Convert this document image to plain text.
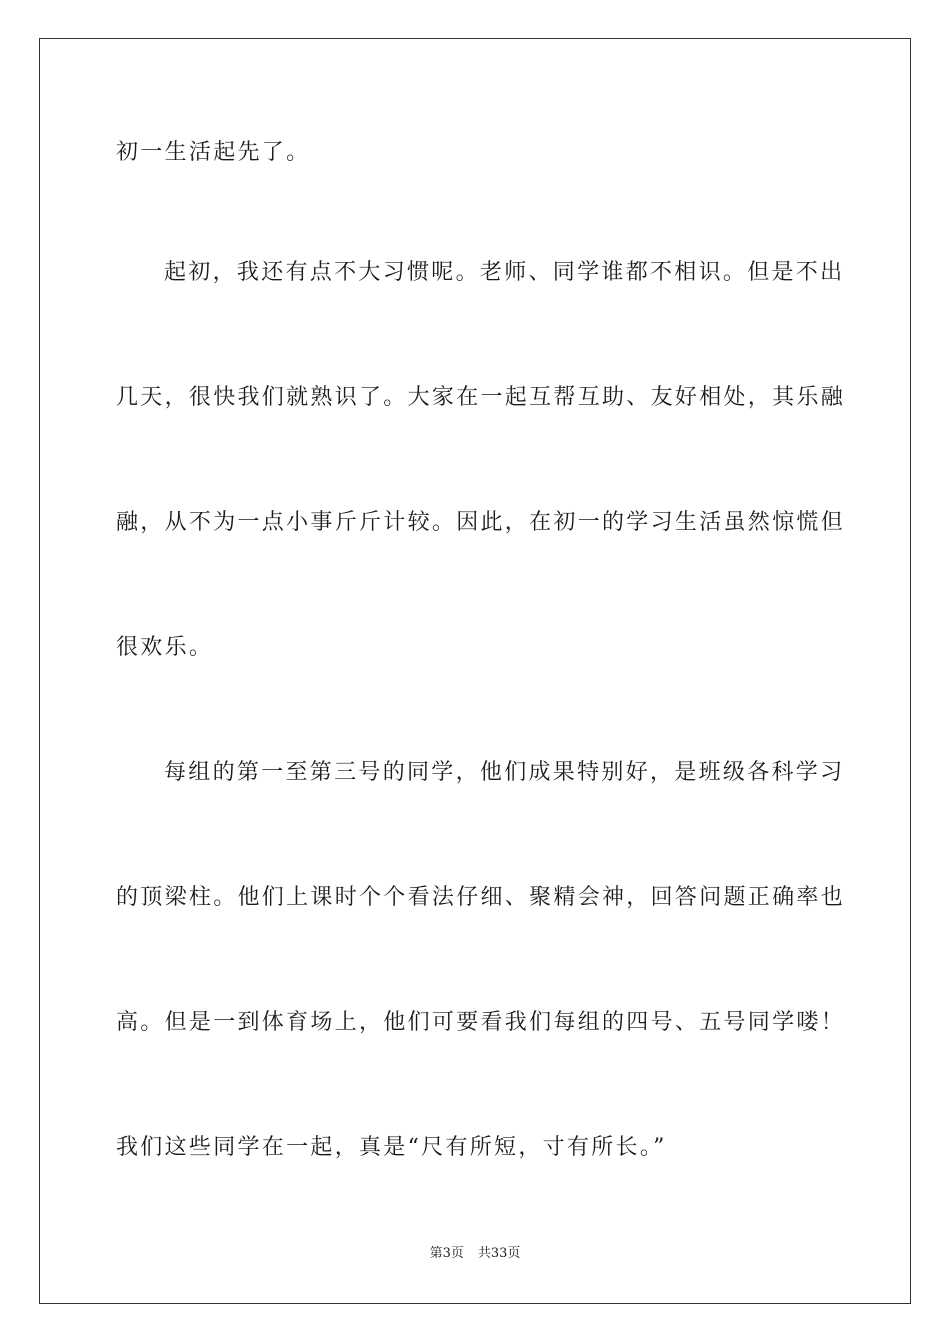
初一生活起先了。
起初，我还有点不大习惯呢。老师、同学谁都不相识。但是不出
几天，很快我们就熟识了。大家在一起互帮互助、友好相处，其乐融
融，从不为一点小事斤斤计较。因此，在初一的学习生活虽然惊慌但
很欢乐。
每组的第一至第三号的同学，他们成果特别好，是班级各科学习
的顶梁柱。他们上课时个个看法仔细、聚精会神，回答问题正确率也
高。但是一到体育场上，他们可要看我们每组的四号、五号同学喽！
我们这些同学在一起，真是“尺有所短，寸有所长。”
第3页 共33页
